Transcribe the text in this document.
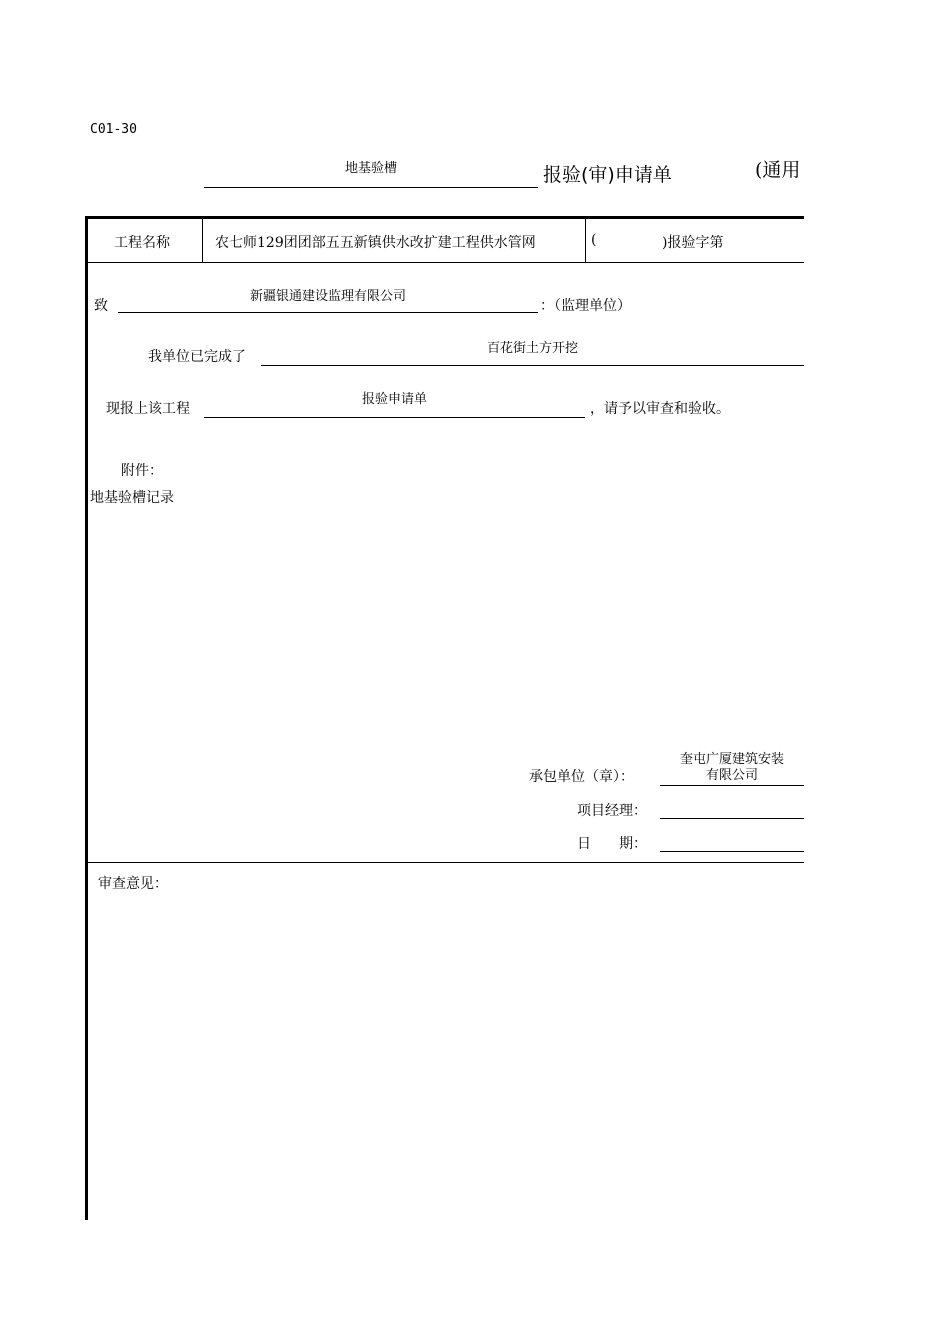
C01-30
地基验槽	报验(审)申请单	(通用
工程名称	农七师129团团部五五新镇供水改扩建工程供水管网	(	)报验字第
致
新疆银通建设监理有限公司
：（监理单位）
我单位已完成了
百花街土方开挖
现报上该工程
报验申请单
，请予以审查和验收。
附件：
地基验槽记录
承包单位（章）：
奎屯广厦建筑安装
有限公司
项目经理：
日　　期：
审查意见：
